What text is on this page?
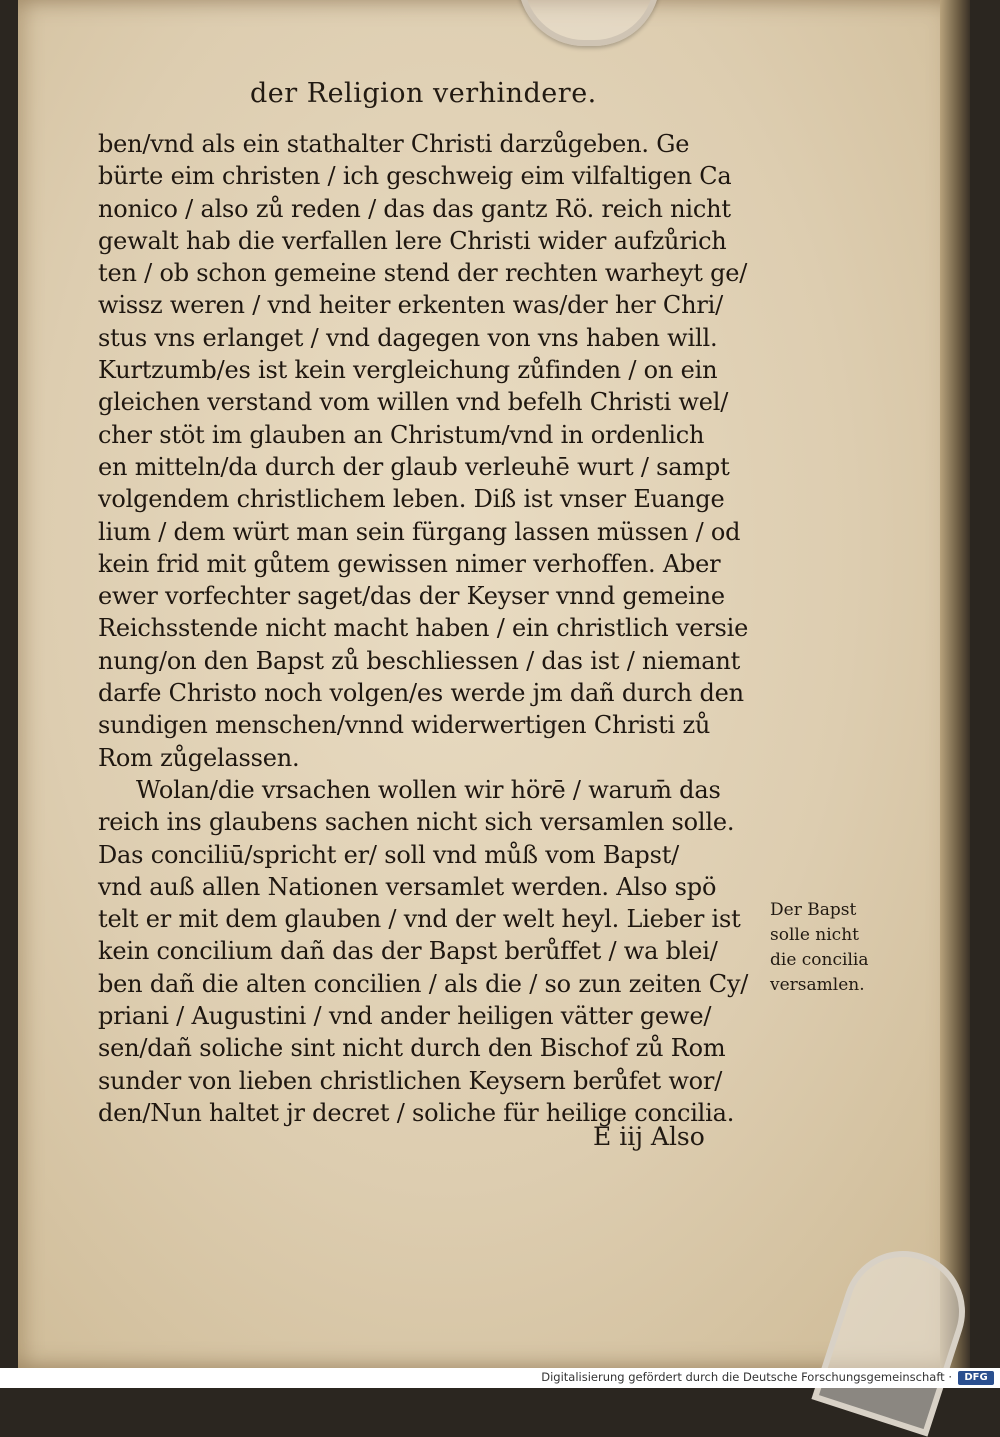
der Religion verhindere.
ben/vnd als ein stathalter Christi darzůgeben. Ge
bürte eim christen / ich geschweig eim vilfaltigen Ca
nonico / also zů reden / das das gantz Rö. reich nicht
gewalt hab die verfallen lere Christi wider aufzůrich
ten / ob schon gemeine stend der rechten warheyt ge/
wissz weren / vnd heiter erkenten was/der her Chri/
stus vns erlanget / vnd dagegen von vns haben will.
Kurtzumb/es ist kein vergleichung zůfinden / on ein
gleichen verstand vom willen vnd befelh Christi wel/
cher stöt im glauben an Christum/vnd in ordenlich
en mitteln/da durch der glaub verleuhē wurt / sampt
volgendem christlichem leben. Diß ist vnser Euange
lium / dem würt man sein fürgang lassen müssen / od
kein frid mit gůtem gewissen nimer verhoffen. Aber
ewer vorfechter saget/das der Keyser vnnd gemeine
Reichsstende nicht macht haben / ein christlich versie
nung/on den Bapst zů beschliessen / das ist / niemant
darfe Christo noch volgen/es werde jm dañ durch den
sundigen menschen/vnnd widerwertigen Christi zů
Rom zůgelassen.
Wolan/die vrsachen wollen wir hörē / warum̄ das
reich ins glaubens sachen nicht sich versamlen solle.
Das conciliū/spricht er/ soll vnd můß vom Bapst/
vnd auß allen Nationen versamlet werden. Also spö
telt er mit dem glauben / vnd der welt heyl. Lieber ist
kein concilium dañ das der Bapst berůffet / wa blei/
ben dañ die alten concilien / als die / so zun zeiten Cy/
priani / Augustini / vnd ander heiligen vätter gewe/
sen/dañ soliche sint nicht durch den Bischof zů Rom
sunder von lieben christlichen Keysern berůfet wor/
den/Nun haltet jr decret / soliche für heilige concilia.
E iij Also
Der Bapst
solle nicht
die concilia
versamlen.
Digitalisierung gefördert durch die Deutsche Forschungsgemeinschaft ·	DFG
